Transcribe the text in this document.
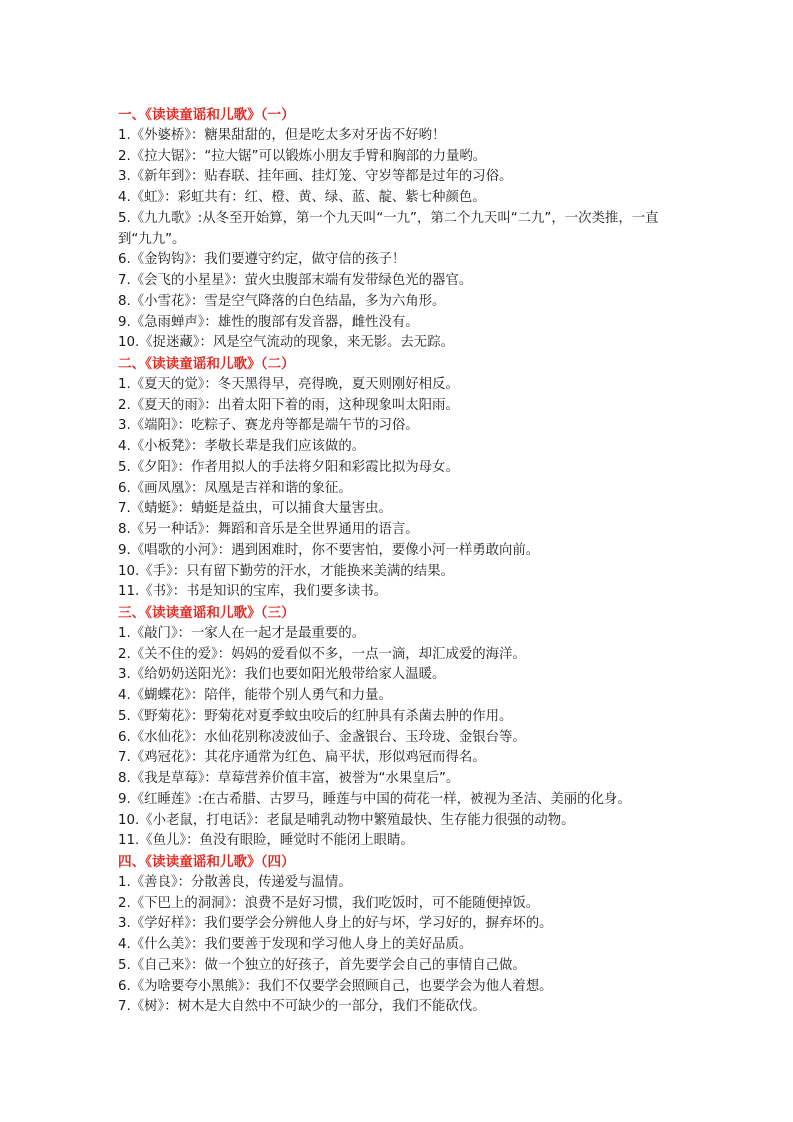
一、《读读童谣和儿歌》（一）
1.《外婆桥》：糖果甜甜的，但是吃太多对牙齿不好哟！
2.《拉大锯》：“拉大锯”可以锻炼小朋友手臂和胸部的力量哟。
3.《新年到》：贴春联、挂年画、挂灯笼、守岁等都是过年的习俗。
4.《虹》：彩虹共有：红、橙、黄、绿、蓝、靛、紫七种颜色。
5.《九九歌》:从冬至开始算，第一个九天叫“一九”，第二个九天叫“二九”，一次类推，一直到“九九”。
6.《金钩钩》：我们要遵守约定，做守信的孩子！
7.《会飞的小星星》：萤火虫腹部末端有发带绿色光的器官。
8.《小雪花》：雪是空气降落的白色结晶，多为六角形。
9.《急雨蝉声》：雄性的腹部有发音器，雌性没有。
10.《捉迷藏》：风是空气流动的现象，来无影。去无踪。
二、《读读童谣和儿歌》（二）
1.《夏天的觉》：冬天黑得早，亮得晚，夏天则刚好相反。
2.《夏天的雨》：出着太阳下着的雨，这种现象叫太阳雨。
3.《端阳》：吃粽子、赛龙舟等都是端午节的习俗。
4.《小板凳》：孝敬长辈是我们应该做的。
5.《夕阳》：作者用拟人的手法将夕阳和彩霞比拟为母女。
6.《画凤凰》：凤凰是吉祥和谐的象征。
7.《蜻蜓》：蜻蜓是益虫，可以捕食大量害虫。
8.《另一种话》：舞蹈和音乐是全世界通用的语言。
9.《唱歌的小河》：遇到困难时，你不要害怕，要像小河一样勇敢向前。
10.《手》：只有留下勤劳的汗水，才能换来美满的结果。
11.《书》：书是知识的宝库，我们要多读书。
三、《读读童谣和儿歌》（三）
1.《敲门》：一家人在一起才是最重要的。
2.《关不住的爱》：妈妈的爱看似不多，一点一滴，却汇成爱的海洋。
3.《给奶奶送阳光》：我们也要如阳光般带给家人温暖。
4.《蝴蝶花》：陪伴，能带个别人勇气和力量。
5.《野菊花》：野菊花对夏季蚊虫咬后的红肿具有杀菌去肿的作用。
6.《水仙花》：水仙花别称凌波仙子、金盏银台、玉玲珑、金银台等。
7.《鸡冠花》：其花序通常为红色、扁平状，形似鸡冠而得名。
8.《我是草莓》：草莓营养价值丰富，被誉为“水果皇后”。
9.《红睡莲》:在古希腊、古罗马，睡莲与中国的荷花一样，被视为圣洁、美丽的化身。
10.《小老鼠，打电话》：老鼠是哺乳动物中繁殖最快、生存能力很强的动物。
11.《鱼儿》：鱼没有眼睑，睡觉时不能闭上眼睛。
四、《读读童谣和儿歌》（四）
1.《善良》：分散善良，传递爱与温情。
2.《下巴上的洞洞》：浪费不是好习惯，我们吃饭时，可不能随便掉饭。
3.《学好样》：我们要学会分辨他人身上的好与坏，学习好的，摒弃坏的。
4.《什么美》：我们要善于发现和学习他人身上的美好品质。
5.《自己来》：做一个独立的好孩子，首先要学会自己的事情自己做。
6.《为啥要夸小黑熊》：我们不仅要学会照顾自己，也要学会为他人着想。
7.《树》：树木是大自然中不可缺少的一部分，我们不能砍伐。
